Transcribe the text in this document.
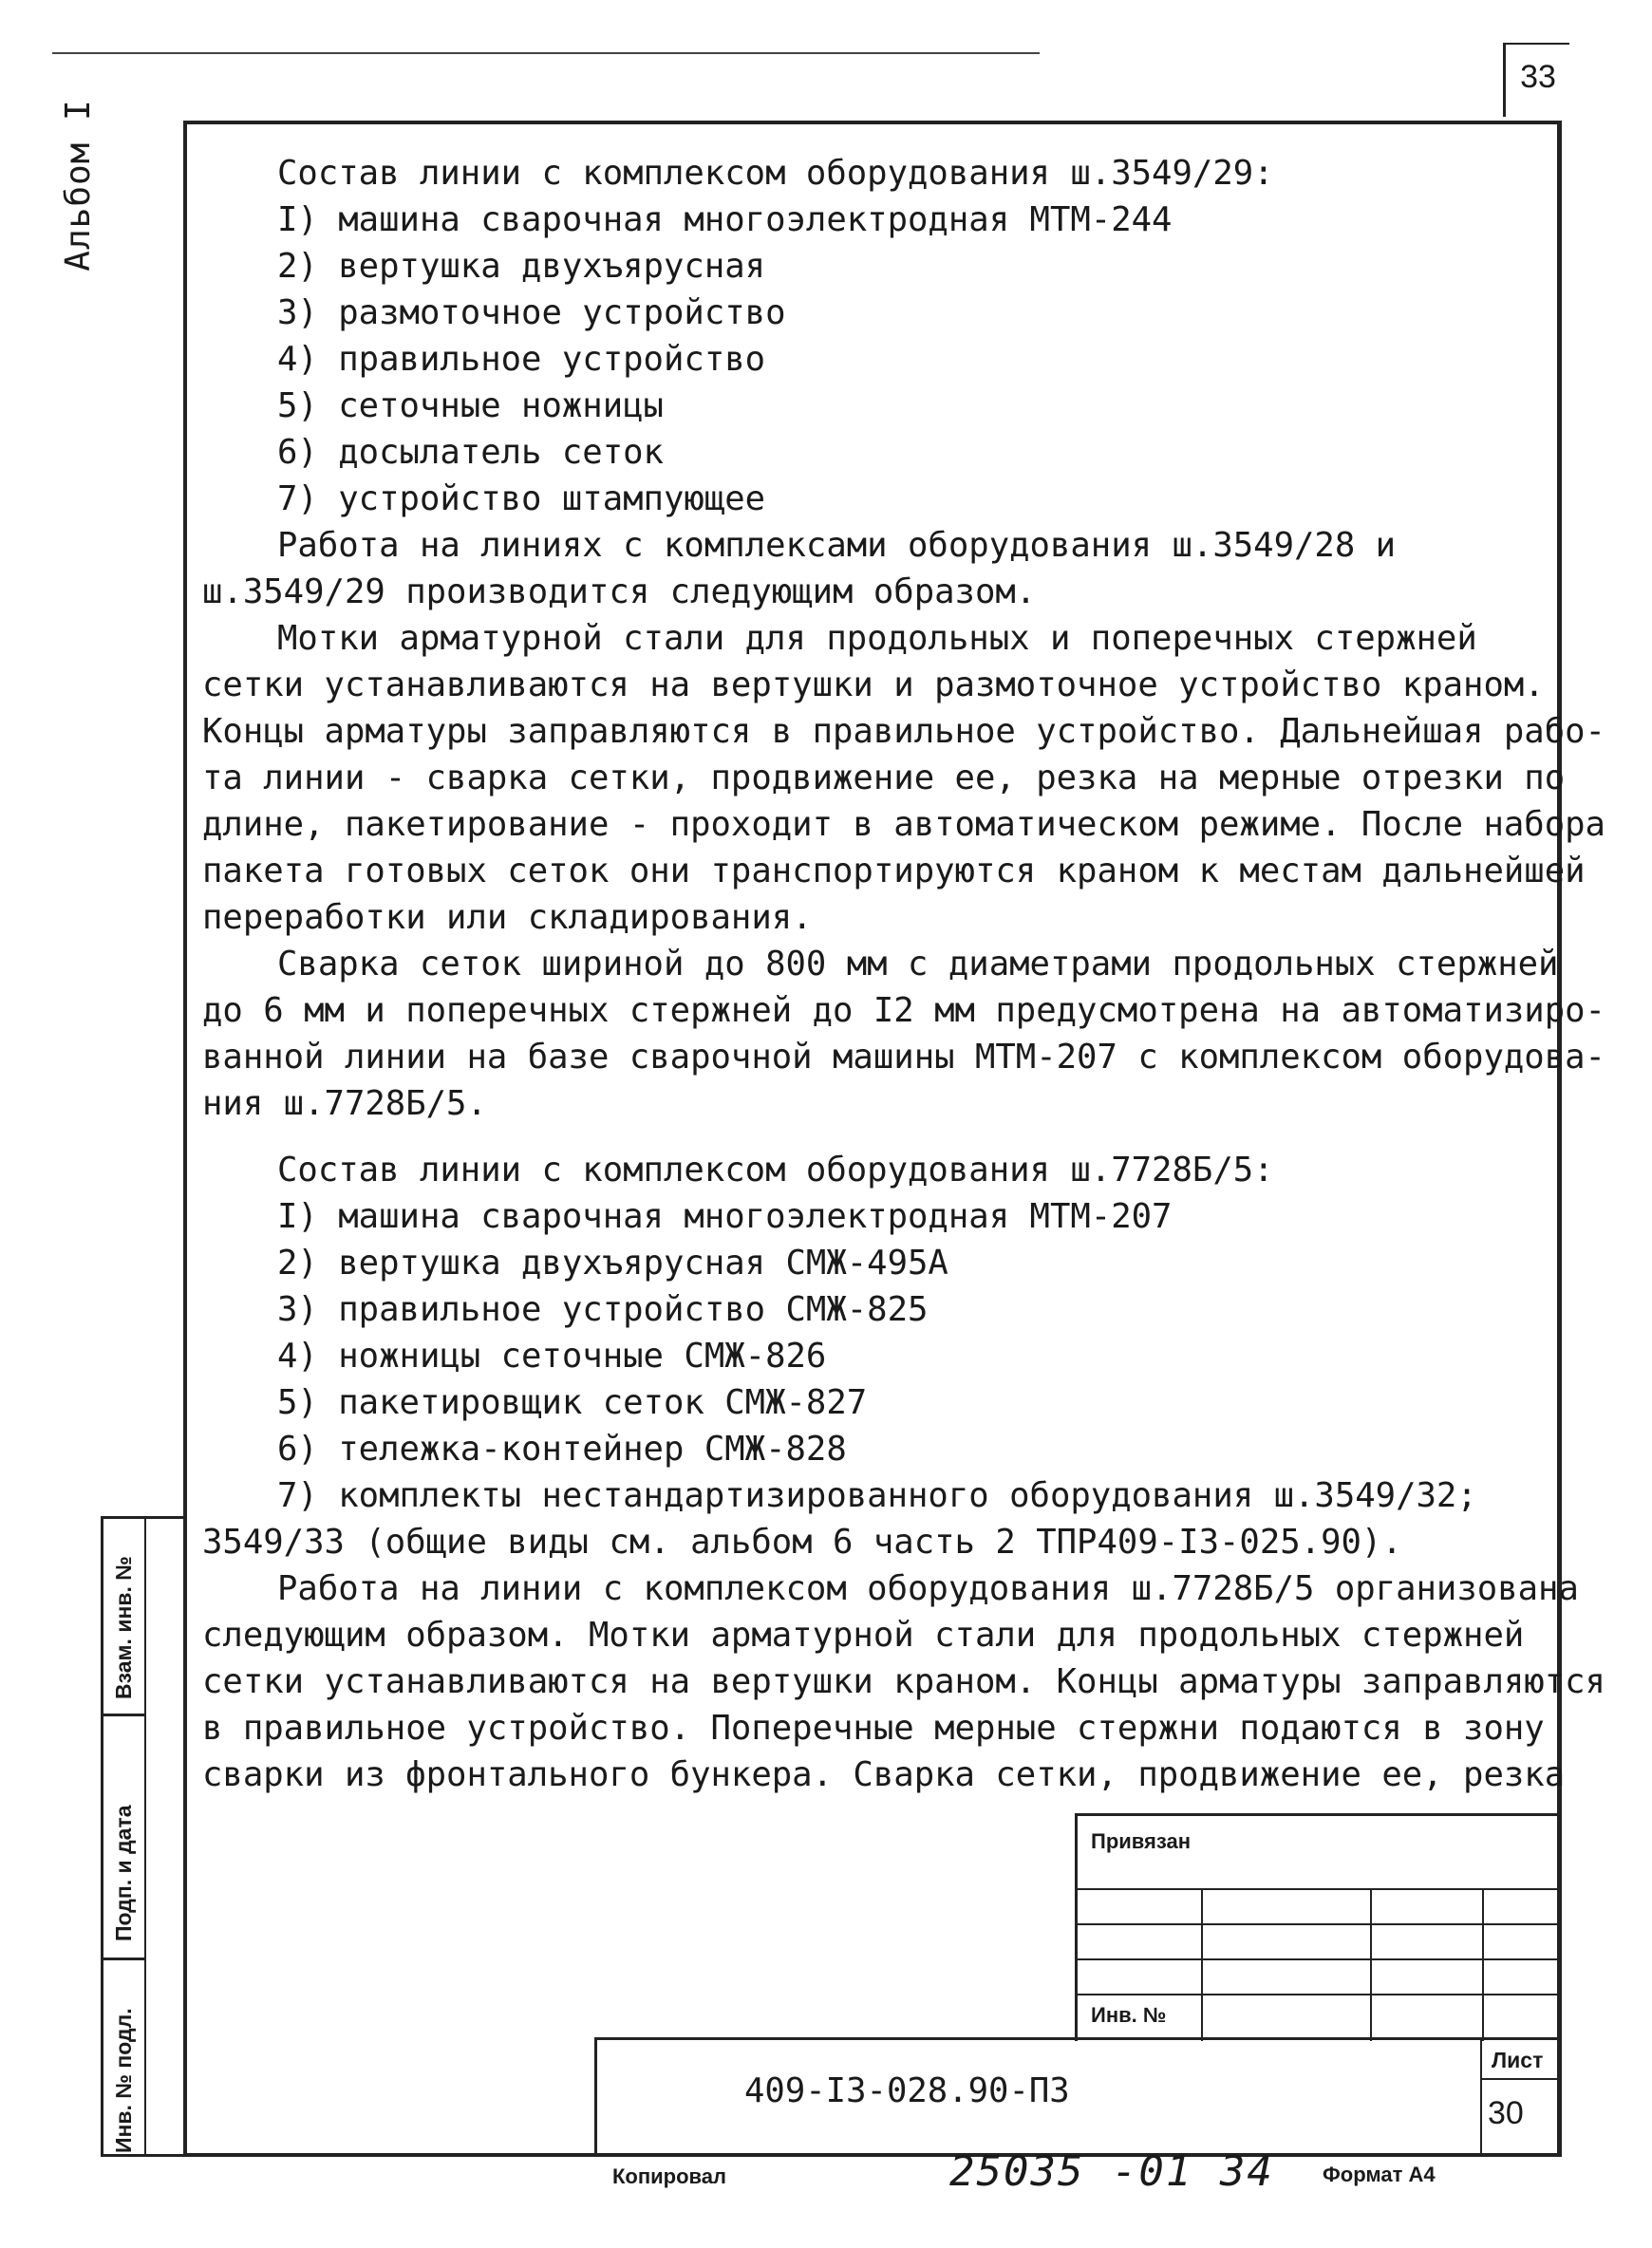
33
Альбом I
Взам. инв. №
Подп. и дата
Инв. № подл.
Состав линии с комплексом оборудования ш.3549/29:
I) машина сварочная многоэлектродная МТМ-244
2) вертушка двухъярусная
3) размоточное устройство
4) правильное устройство
5) сеточные ножницы
6) досылатель сеток
7) устройство штампующее
Работа на линиях с комплексами оборудования ш.3549/28 и
ш.3549/29 производится следующим образом.
Мотки арматурной стали для продольных и поперечных стержней
сетки устанавливаются на вертушки и размоточное устройство краном.
Концы арматуры заправляются в правильное устройство. Дальнейшая рабо-
та линии - сварка сетки, продвижение ее, резка на мерные отрезки по
длине, пакетирование - проходит в автоматическом режиме. После набора
пакета готовых сеток они транспортируются краном к местам дальнейшей
переработки или складирования.
Сварка сеток шириной до 800 мм с диаметрами продольных стержней
до 6 мм и поперечных стержней до I2 мм предусмотрена на автоматизиро-
ванной линии на базе сварочной машины МТМ-207 с комплексом оборудова-
ния ш.7728Б/5.
Состав линии с комплексом оборудования ш.7728Б/5:
I) машина сварочная многоэлектродная МТМ-207
2) вертушка двухъярусная СМЖ-495А
3) правильное устройство СМЖ-825
4) ножницы сеточные СМЖ-826
5) пакетировщик сеток СМЖ-827
6) тележка-контейнер СМЖ-828
7) комплекты нестандартизированного оборудования ш.3549/32;
3549/33 (общие виды см. альбом 6 часть 2 ТПР409-I3-025.90).
Работа на линии с комплексом оборудования ш.7728Б/5 организована
следующим образом. Мотки арматурной стали для продольных стержней
сетки устанавливаются на вертушки краном. Концы арматуры заправляются
в правильное устройство. Поперечные мерные стержни подаются в зону
сварки из фронтального бункера. Сварка сетки, продвижение ее, резка
Привязан
Инв. №
409-I3-028.90-ПЗ
Лист
30
Копировал	25035 -01 34 Формат А4
